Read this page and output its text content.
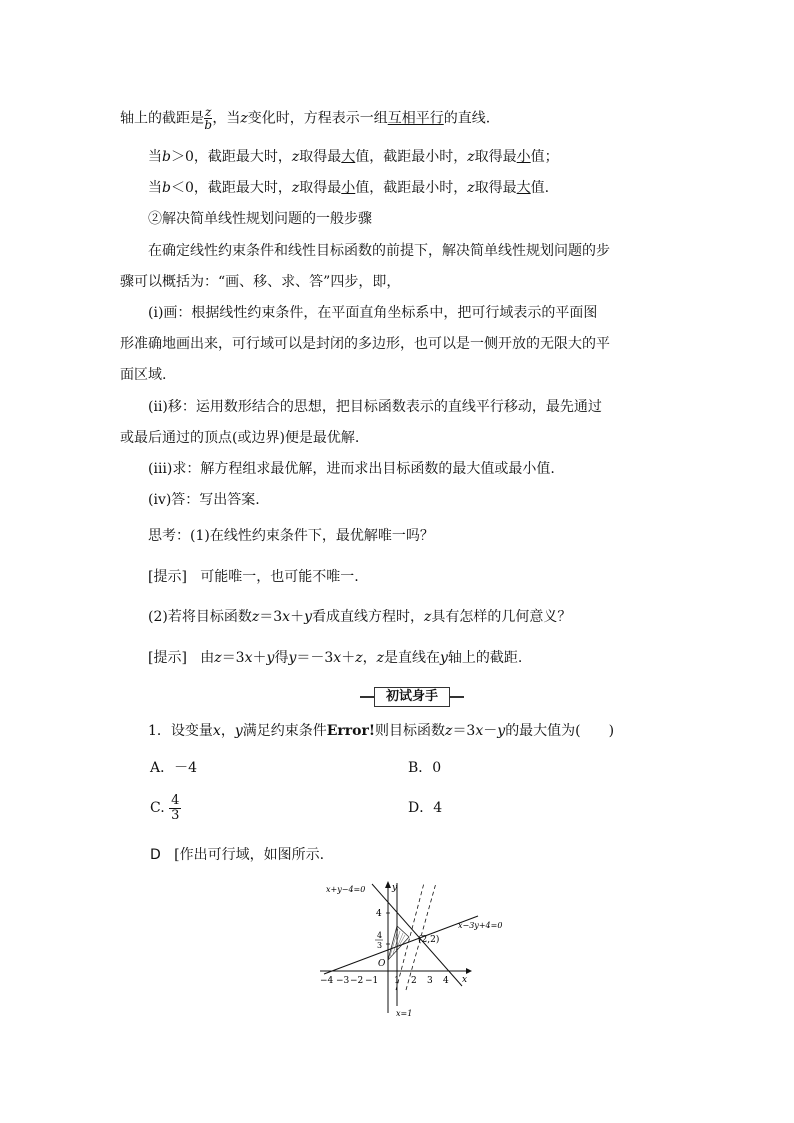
轴上的截距是 $\frac{z}{b}$ ，当z变化时，方程表示一组互相平行的直线.
当b＞0，截距最大时，z取得最大值，截距最小时，z取得最小值；
当b＜0，截距最大时，z取得最小值，截距最小时，z取得最大值.
②解决简单线性规划问题的一般步骤
在确定线性约束条件和线性目标函数的前提下，解决简单线性规划问题的步
骤可以概括为：“画、移、求、答”四步，即，
(ⅰ)画：根据线性约束条件，在平面直角坐标系中，把可行域表示的平面图
形准确地画出来，可行域可以是封闭的多边形，也可以是一侧开放的无限大的平
面区域.
(ⅱ)移：运用数形结合的思想，把目标函数表示的直线平行移动，最先通过
或最后通过的顶点(或边界)便是最优解.
(ⅲ)求：解方程组求最优解，进而求出目标函数的最大值或最小值.
(ⅳ)答：写出答案.
思考：(1)在线性约束条件下，最优解唯一吗？
[提示] 可能唯一，也可能不唯一.
(2)若将目标函数z＝3x＋y看成直线方程时，z具有怎样的几何意义？
[提示] 由z＝3x＋y得y＝－3x＋z，z是直线在y轴上的截距.
初试身手
1．设变量x，y满足约束条件Error!则目标函数z＝3x－y的最大值为(　　)
A．－4	B．0
C. $\frac{4}{3}$	D．4
D [作出可行域，如图所示.
x+y−4=0
x−3y+4=0
x=1
y
x
O
(2,2)
4
4
3
−4 −3 −2 −1 1 2 3 4
